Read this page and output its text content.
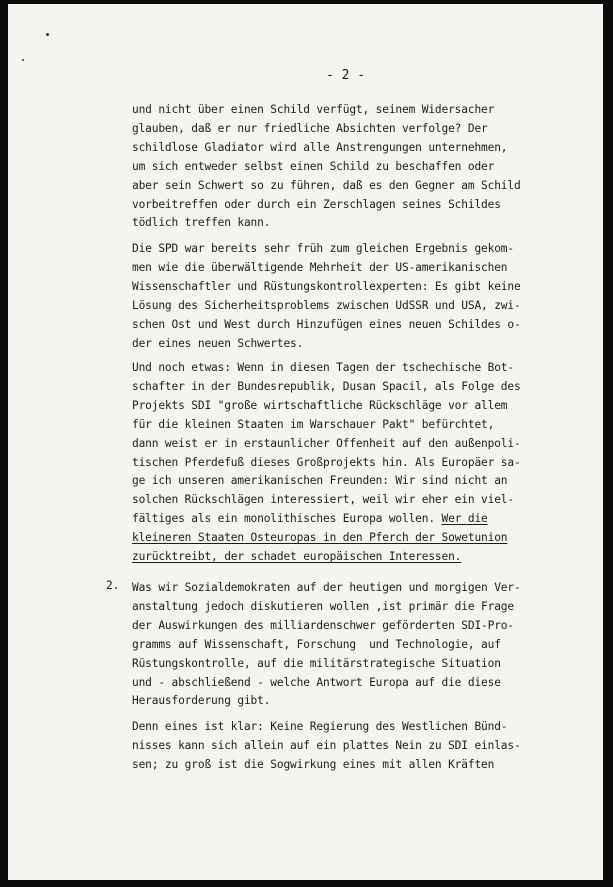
- 2 -
und nicht über einen Schild verfügt, seinem Widersacher
glauben, daß er nur friedliche Absichten verfolge? Der
schildlose Gladiator wird alle Anstrengungen unternehmen,
um sich entweder selbst einen Schild zu beschaffen oder
aber sein Schwert so zu führen, daß es den Gegner am Schild
vorbeitreffen oder durch ein Zerschlagen seines Schildes
tödlich treffen kann.
Die SPD war bereits sehr früh zum gleichen Ergebnis gekom-
men wie die überwältigende Mehrheit der US-amerikanischen
Wissenschaftler und Rüstungskontrollexperten: Es gibt keine
Lösung des Sicherheitsproblems zwischen UdSSR und USA, zwi-
schen Ost und West durch Hinzufügen eines neuen Schildes o-
der eines neuen Schwertes.
Und noch etwas: Wenn in diesen Tagen der tschechische Bot-
schafter in der Bundesrepublik, Dusan Spacil, als Folge des
Projekts SDI "große wirtschaftliche Rückschläge vor allem
für die kleinen Staaten im Warschauer Pakt" befürchtet,
dann weist er in erstaunlicher Offenheit auf den außenpoli-
tischen Pferdefuß dieses Großprojekts hin. Als Europäer sa-
ge ich unseren amerikanischen Freunden: Wir sind nicht an
solchen Rückschlägen interessiert, weil wir eher ein viel-
fältiges als ein monolithisches Europa wollen. Wer die
kleineren Staaten Osteuropas in den Pferch der Sowetunion
zurücktreibt, der schadet europäischen Interessen.
2. Was wir Sozialdemokraten auf der heutigen und morgigen Ver-
anstaltung jedoch diskutieren wollen ,ist primär die Frage
der Auswirkungen des milliardenschwer geförderten SDI-Pro-
gramms auf Wissenschaft, Forschung  und Technologie, auf
Rüstungskontrolle, auf die militärstrategische Situation
und - abschließend - welche Antwort Europa auf die diese
Herausforderung gibt.
Denn eines ist klar: Keine Regierung des Westlichen Bünd-
nisses kann sich allein auf ein plattes Nein zu SDI einlas-
sen; zu groß ist die Sogwirkung eines mit allen Kräften
